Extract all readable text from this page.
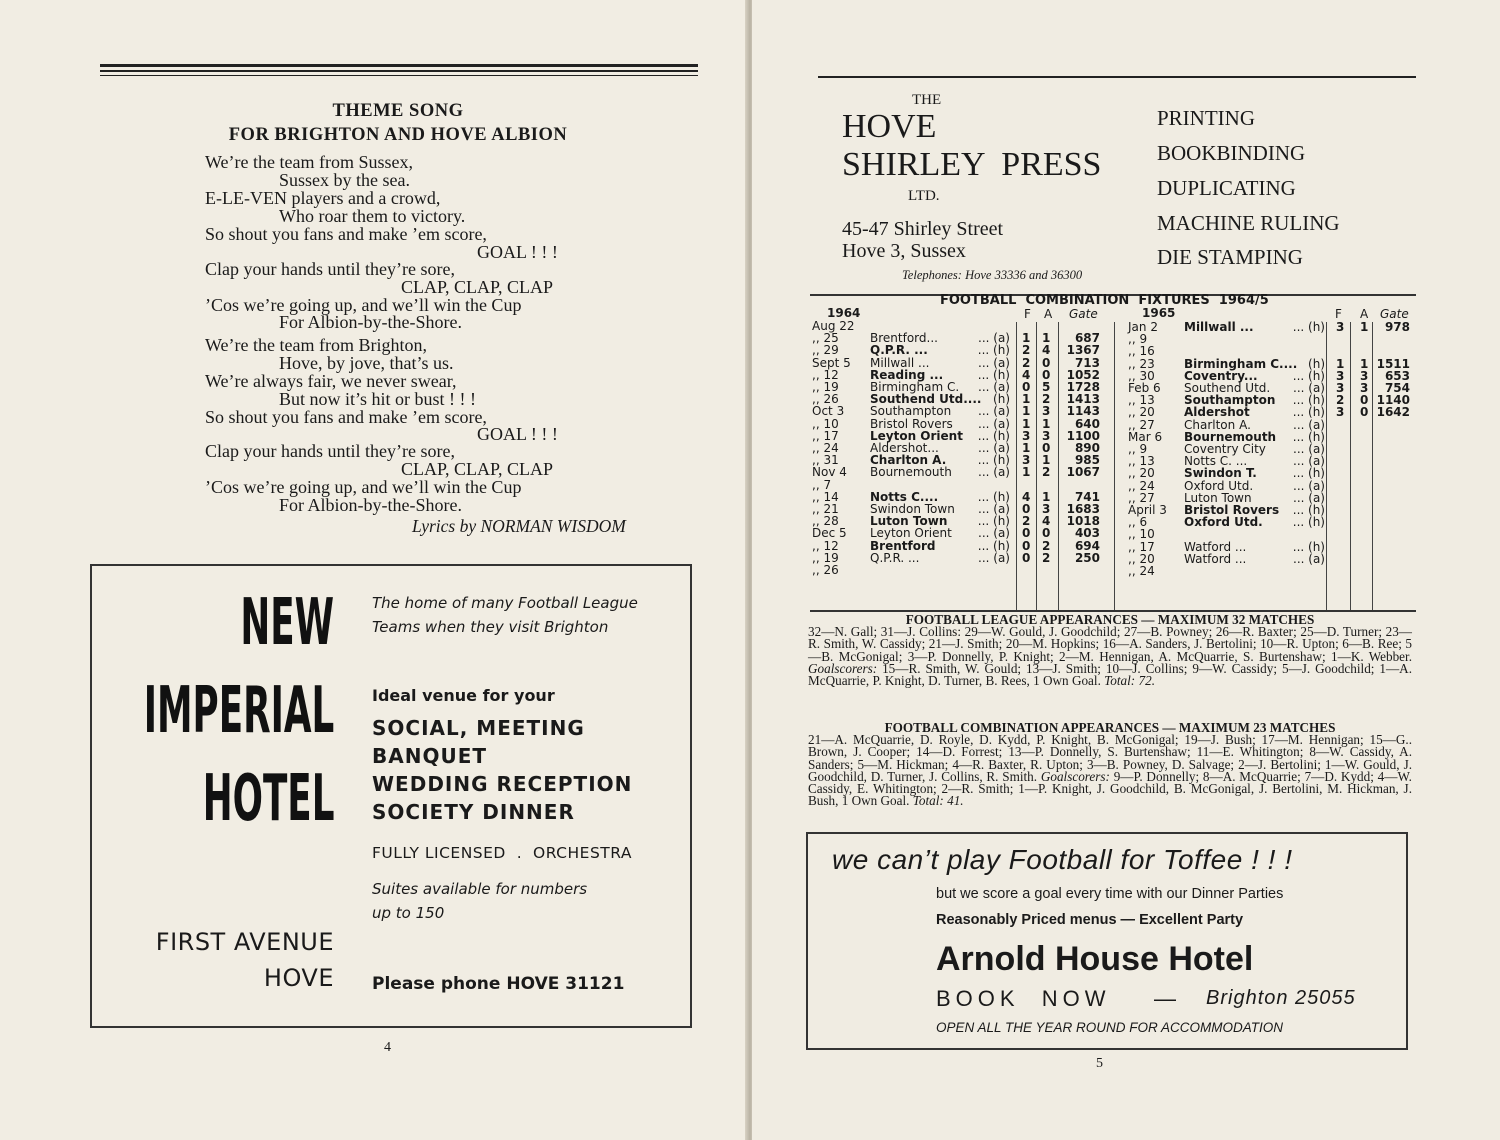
THEME SONG
FOR BRIGHTON AND HOVE ALBION
We’re the team from Sussex,
Sussex by the sea.
E-LE-VEN players and a crowd,
Who roar them to victory.
So shout you fans and make ’em score,
GOAL ! ! !
Clap your hands until they’re sore,
CLAP, CLAP, CLAP
’Cos we’re going up, and we’ll win the Cup
For Albion-by-the-Shore.
We’re the team from Brighton,
Hove, by jove, that’s us.
We’re always fair, we never swear,
But now it’s hit or bust ! ! !
So shout you fans and make ’em score,
GOAL ! ! !
Clap your hands until they’re sore,
CLAP, CLAP, CLAP
’Cos we’re going up, and we’ll win the Cup
For Albion-by-the-Shore.
Lyrics by NORMAN WISDOM
NEW
IMPERIAL
HOTEL
FIRST AVENUE
HOVE
The home of many Football League
Teams when they visit Brighton
Ideal venue for your
SOCIAL, MEETING
BANQUET
WEDDING RECEPTION
SOCIETY DINNER
FULLY LICENSED  .  ORCHESTRA
Suites available for numbers
up to 150
Please phone HOVE 31121
4
THE
HOVE
SHIRLEY  PRESS
LTD.
45-47 Shirley Street
Hove 3, Sussex
Telephones: Hove 33336 and 36300
PRINTING
BOOKBINDING
DUPLICATING
MACHINE RULING
DIE STAMPING
FOOTBALL  COMBINATION  FIXTURES  1964/5
1964	1965
F A Gate	F A Gate
Aug 22
,, 25	Brentford...	... (a) 1 1 687
,, 29	Q.P.R. ...	... (h) 2 4 1367
Sept 5 Millwall ...	... (a) 2 0 713
,, 12	Reading ...	... (h) 4 0 1052
,, 19	Birmingham C. ... (a) 0 5 1728
,, 26	Southend Utd.... (h) 1 2 1413
Oct 3 Southampton ... (a) 1 3 1143
,, 10	Bristol Rovers ... (a) 1 1 640
,, 17	Leyton Orient ... (h) 3 3 1100
,, 24	Aldershot...	... (a) 1 0 890
,, 31	Charlton A.	... (h) 3 1 985
Nov 4 Bournemouth ... (a) 1 2 1067
,, 7
,, 14	Notts C....	... (h) 4 1 741
,, 21	Swindon Town ... (a) 0 3 1683
,, 28	Luton Town	... (h) 2 4 1018
Dec 5 Leyton Orient ... (a) 0 0 403
,, 12	Brentford	... (h) 0 2 694
,, 19	Q.P.R. ...	... (a) 0 2 250
,, 26
Jan 2 Millwall ...	... (h) 3 1 978
,, 9
,, 16
,, 23 Birmingham C.... (h) 1 1 1511
,, 30 Coventry...	... (h) 3 3 653
Feb 6 Southend Utd. ... (a) 3 3 754
,, 13 Southampton ... (h) 2 0 1140
,, 20 Aldershot	... (h) 3 0 1642
,, 27 Charlton A.	... (a)
Mar 6 Bournemouth ... (h)
,, 9	Coventry City ... (a)
,, 13 Notts C. ...	... (a)
,, 20 Swindon T.	... (h)
,, 24 Oxford Utd.	... (a)
,, 27 Luton Town	... (a)
April 3 Bristol Rovers ... (h)
,, 6	Oxford Utd.	... (h)
,, 10
,, 17 Watford ...	... (h)
,, 20 Watford ...	... (a)
,, 24
FOOTBALL LEAGUE APPEARANCES — MAXIMUM 32 MATCHES
32—N. Gall; 31—J. Collins: 29—W. Gould, J. Goodchild; 27—B. Powney; 26—R. Baxter; 25—D. Turner; 23—R. Smith, W. Cassidy; 21—J. Smith; 20—M. Hopkins; 16—A. Sanders, J. Bertolini; 10—R. Upton; 6—B. Ree; 5—B. McGonigal; 3—P. Donnelly, P. Knight; 2—M. Hennigan, A. McQuarrie, S. Burtenshaw; 1—K. Webber. Goalscorers: 15—R. Smith, W. Gould; 13—J. Smith; 10—J. Collins; 9—W. Cassidy; 5—J. Goodchild; 1—A. McQuarrie, P. Knight, D. Turner, B. Rees, 1 Own Goal. Total: 72.
FOOTBALL COMBINATION APPEARANCES — MAXIMUM 23 MATCHES
21—A. McQuarrie, D. Royle, D. Kydd, P. Knight, B. McGonigal; 19—J. Bush; 17—M. Hennigan; 15—G.. Brown, J. Cooper; 14—D. Forrest; 13—P. Donnelly, S. Burtenshaw; 11—E. Whitington; 8—W. Cassidy, A. Sanders; 5—M. Hickman; 4—R. Baxter, R. Upton; 3—B. Powney, D. Salvage; 2—J. Bertolini; 1—W. Gould, J. Goodchild, D. Turner, J. Collins, R. Smith. Goalscorers: 9—P. Donnelly; 8—A. McQuarrie; 7—D. Kydd; 4—W. Cassidy, E. Whitington; 2—R. Smith; 1—P. Knight, J. Goodchild, B. McGonigal, J. Bertolini, M. Hickman, J. Bush, 1 Own Goal. Total: 41.
we can’t play Football for Toffee ! ! !
but we score a goal every time with our Dinner Parties
Reasonably Priced menus — Excellent Party
Arnold House Hotel
BOOK  NOW — Brighton 25055
OPEN ALL THE YEAR ROUND FOR ACCOMMODATION
5
